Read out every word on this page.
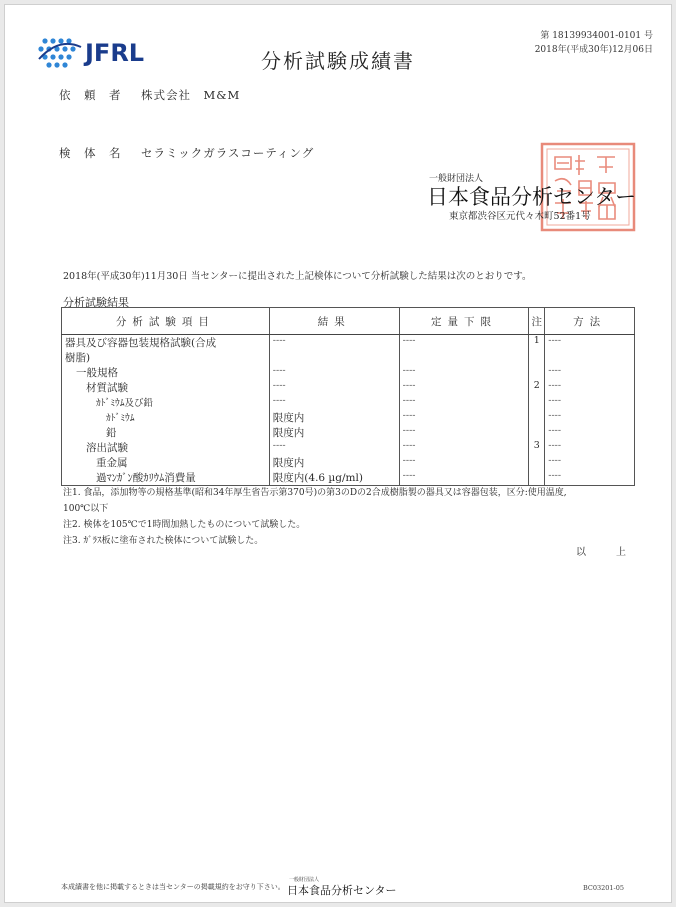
JFRL	分析試験成績書
第 18139934001-0101 号
2018年(平成30年)12月06日
依　頼　者 株式会社　M&M
検　体　名 セラミックガラスコーティング
一般財団法人
日本食品分析センター
東京都渋谷区元代々木町52番1号
2018年(平成30年)11月30日 当センターに提出された上記検体について分析試験した結果は次のとおりです。
分析試験結果
分析試験項目	結果	定量下限	注	方法
器具及び容器包装規格試験(合成	----	----	1	----
樹脂)				
一般規格	----	----		----
材質試験	----	----	2	----
ｶﾄﾞﾐｳﾑ及び鉛	----	----		----
ｶﾄﾞﾐｳﾑ	限度内	----		----
鉛	限度内	----		----
溶出試験	----	----	3	----
重金属	限度内	----		----
過ﾏﾝｶﾞﾝ酸ｶﾘｳﾑ消費量	限度内(4.6 µg/ml)	----		----
注1. 食品，添加物等の規格基準(昭和34年厚生省告示第370号)の第3のDの2合成樹脂製の器具又は容器包装，区分:使用温度,
100℃以下
注2. 検体を105℃で1時間加熱したものについて試験した。
注3. ｶﾞﾗｽ板に塗布された検体について試験した。
以　上
本成績書を他に掲載するときは当センターの掲載規約をお守り下さい。
一般財団法人
日本食品分析センター	BC03201-05
